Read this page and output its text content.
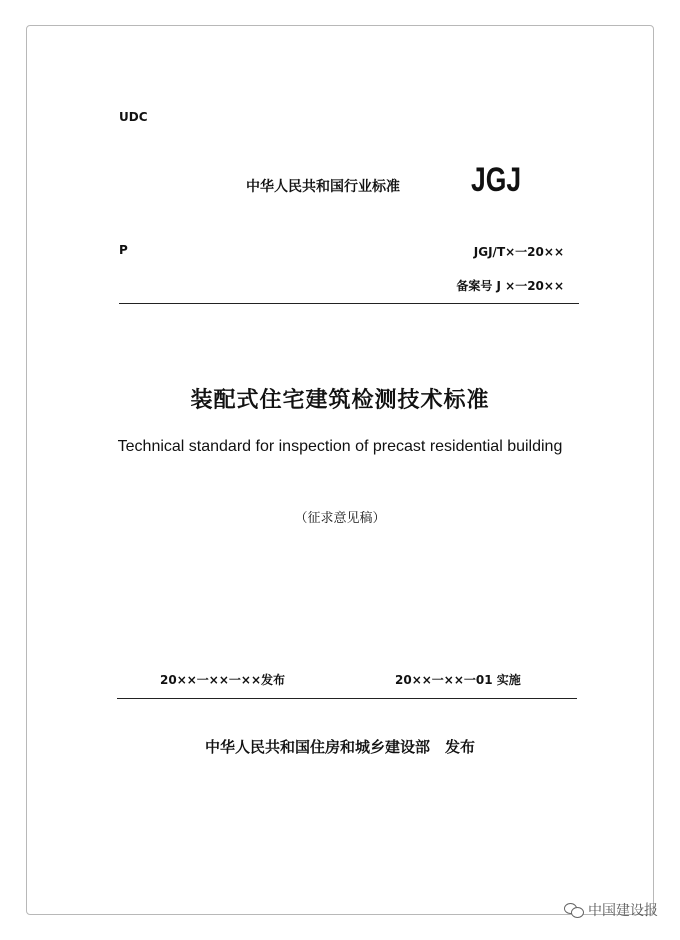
UDC
中华人民共和国行业标准 JGJ
P	JGJ/T×一20××
备案号 J ×一20××
装配式住宅建筑检测技术标准
Technical standard for inspection of precast residential building
（征求意见稿）
20××一××一××发布	20××一××一01 实施
中华人民共和国住房和城乡建设部　发布
中国建设报
